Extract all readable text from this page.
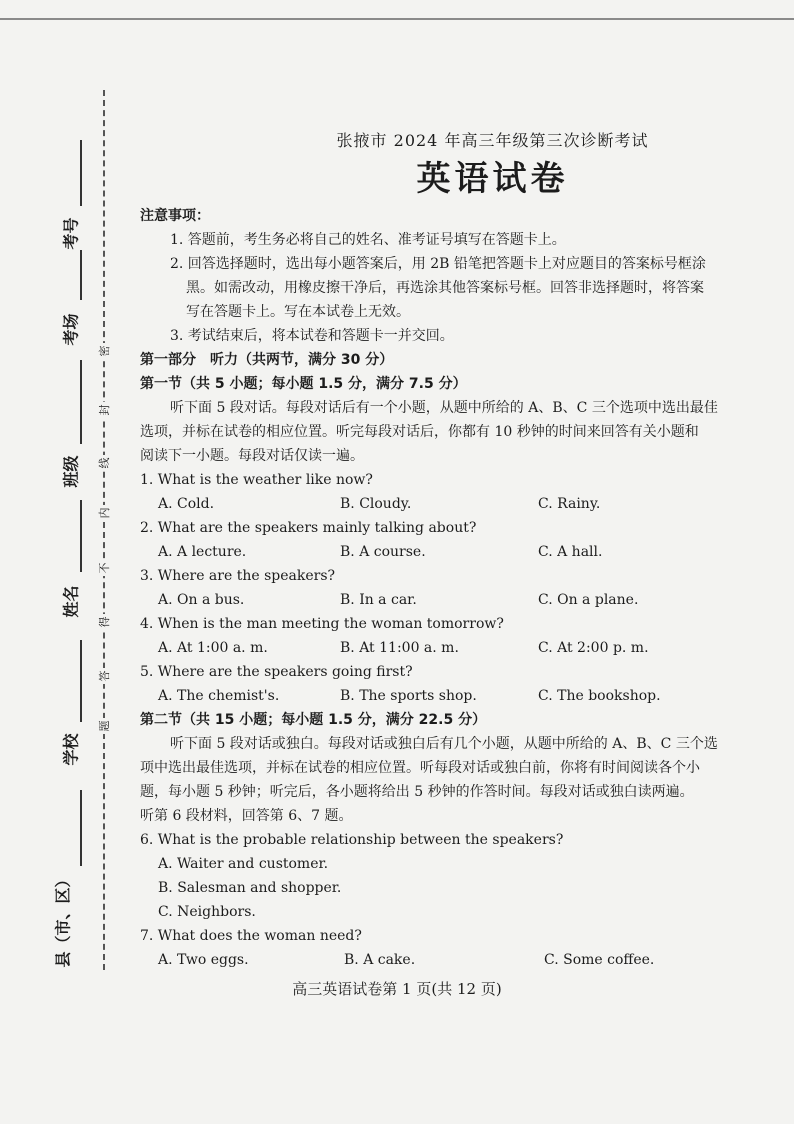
考号
考场
班级
姓名
学校
县（市、区）
密
封
线
内
不
得
答
题
张掖市 2024 年高三年级第三次诊断考试
英语试卷

注意事项：

1. 答题前，考生务必将自己的姓名、准考证号填写在答题卡上。

2. 回答选择题时，选出每小题答案后，用 2B 铅笔把答题卡上对应题目的答案标号框涂

黑。如需改动，用橡皮擦干净后，再选涂其他答案标号框。回答非选择题时，将答案

写在答题卡上。写在本试卷上无效。

3. 考试结束后，将本试卷和答题卡一并交回。

第一部分　听力（共两节，满分 30 分）

第一节（共 5 小题；每小题 1.5 分，满分 7.5 分）

听下面 5 段对话。每段对话后有一个小题，从题中所给的 A、B、C 三个选项中选出最佳

选项，并标在试卷的相应位置。听完每段对话后，你都有 10 秒钟的时间来回答有关小题和

阅读下一小题。每段对话仅读一遍。

1. What is the weather like now?

A. Cold.	B. Cloudy.	C. Rainy.

2. What are the speakers mainly talking about?

A. A lecture.	B. A course.	C. A hall.

3. Where are the speakers?

A. On a bus.	B. In a car.	C. On a plane.

4. When is the man meeting the woman tomorrow?

A. At 1:00 a. m.	B. At 11:00 a. m.	C. At 2:00 p. m.

5. Where are the speakers going first?

A. The chemist's.	B. The sports shop.	C. The bookshop.

第二节（共 15 小题；每小题 1.5 分，满分 22.5 分）

听下面 5 段对话或独白。每段对话或独白后有几个小题，从题中所给的 A、B、C 三个选

项中选出最佳选项，并标在试卷的相应位置。听每段对话或独白前，你将有时间阅读各个小

题，每小题 5 秒钟；听完后，各小题将给出 5 秒钟的作答时间。每段对话或独白读两遍。

听第 6 段材料，回答第 6、7 题。

6. What is the probable relationship between the speakers?

A. Waiter and customer.

B. Salesman and shopper.

C. Neighbors.

7. What does the woman need?

A. Two eggs.	B. A cake.	C. Some coffee.
高三英语试卷第 1 页(共 12 页)
